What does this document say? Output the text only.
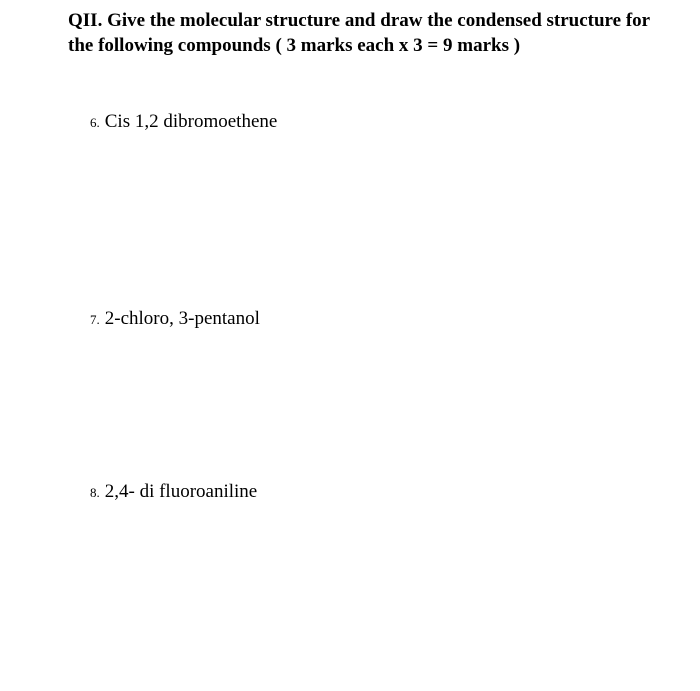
QII. Give the molecular structure and draw the condensed structure for the following compounds ( 3 marks each x 3 = 9 marks )
6. Cis 1,2 dibromoethene
7. 2-chloro, 3-pentanol
8. 2,4- di fluoroaniline
